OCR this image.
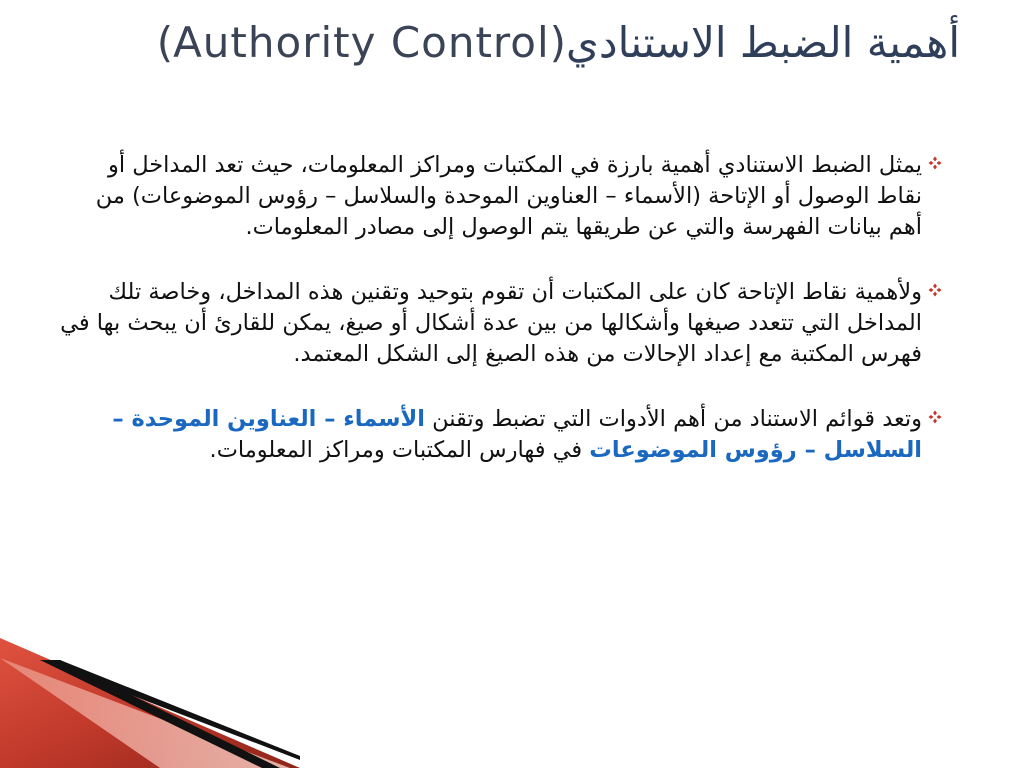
أهمية الضبط الاستنادي(Authority Control)

يمثل الضبط الاستنادي أهمية بارزة في المكتبات ومراكز المعلومات، حيث تعد المداخل أو نقاط الوصول أو الإتاحة (الأسماء – العناوين الموحدة والسلاسل – رؤوس الموضوعات) من أهم بيانات الفهرسة والتي عن طريقها يتم الوصول إلى مصادر المعلومات.

ولأهمية نقاط الإتاحة كان على المكتبات أن تقوم بتوحيد وتقنين هذه المداخل، وخاصة تلك المداخل التي تتعدد صيغها وأشكالها من بين عدة أشكال أو صيغ، يمكن للقارئ أن يبحث بها في فهرس المكتبة مع إعداد الإحالات من هذه الصيغ إلى الشكل المعتمد.

وتعد قوائم الاستناد من أهم الأدوات التي تضبط وتقنن الأسماء – العناوين الموحدة – السلاسل – رؤوس الموضوعات في فهارس المكتبات ومراكز المعلومات.
